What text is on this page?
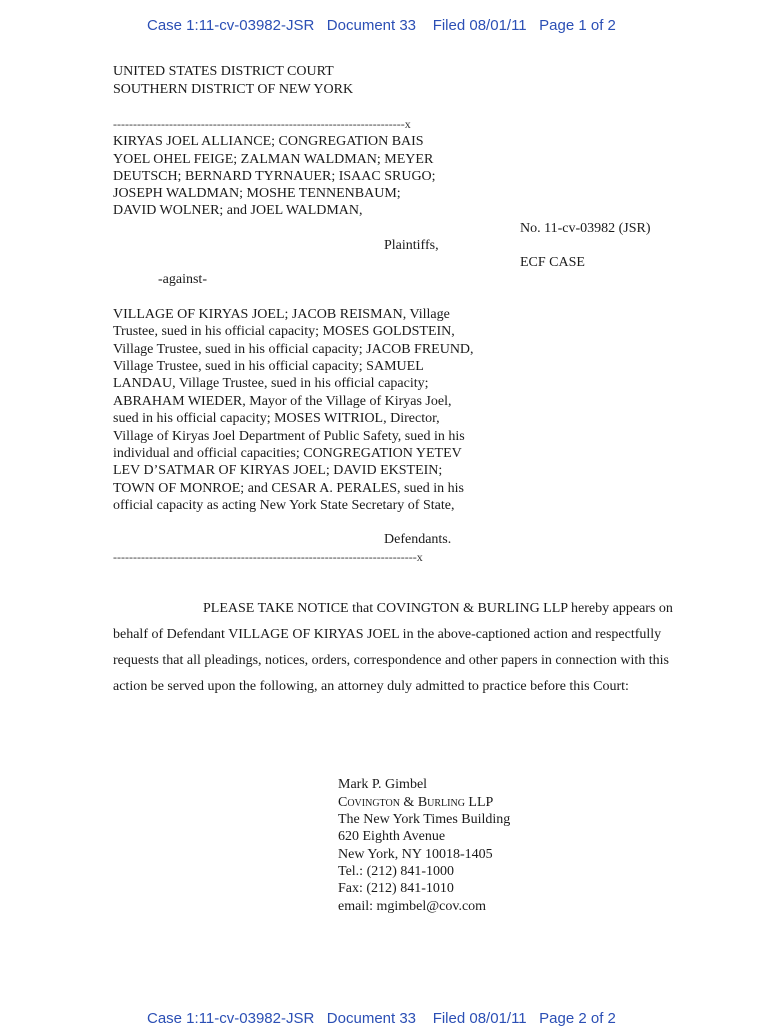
Case 1:11-cv-03982-JSR   Document 33    Filed 08/01/11   Page 1 of 2
UNITED STATES DISTRICT COURT
SOUTHERN DISTRICT OF NEW YORK
-------------------------------------------------------------------------x
KIRYAS JOEL ALLIANCE; CONGREGATION BAIS
YOEL OHEL FEIGE; ZALMAN WALDMAN; MEYER
DEUTSCH; BERNARD TYRNAUER; ISAAC SRUGO;
JOSEPH WALDMAN; MOSHE TENNENBAUM;
DAVID WOLNER; and JOEL WALDMAN,
No. 11-cv-03982 (JSR)
Plaintiffs,
ECF CASE
-against-
VILLAGE OF KIRYAS JOEL; JACOB REISMAN, Village
Trustee, sued in his official capacity; MOSES GOLDSTEIN,
Village Trustee, sued in his official capacity; JACOB FREUND,
Village Trustee, sued in his official capacity; SAMUEL
LANDAU, Village Trustee, sued in his official capacity;
ABRAHAM WIEDER, Mayor of the Village of Kiryas Joel,
sued in his official capacity; MOSES WITRIOL, Director,
Village of Kiryas Joel Department of Public Safety, sued in his
individual and official capacities; CONGREGATION YETEV
LEV D’SATMAR OF KIRYAS JOEL; DAVID EKSTEIN;
TOWN OF MONROE; and CESAR A. PERALES, sued in his
official capacity as acting New York State Secretary of State,
Defendants.
----------------------------------------------------------------------------x

PLEASE TAKE NOTICE that COVINGTON & BURLING LLP hereby appears on behalf of Defendant VILLAGE OF KIRYAS JOEL in the above-captioned action and respectfully requests that all pleadings, notices, orders, correspondence and other papers in connection with this action be served upon the following, an attorney duly admitted to practice before this Court:

Mark P. Gimbel
Covington & Burling LLP
The New York Times Building
620 Eighth Avenue
New York, NY 10018-1405
Tel.: (212) 841-1000
Fax: (212) 841-1010
email: mgimbel@cov.com
Case 1:11-cv-03982-JSR   Document 33    Filed 08/01/11   Page 2 of 2
